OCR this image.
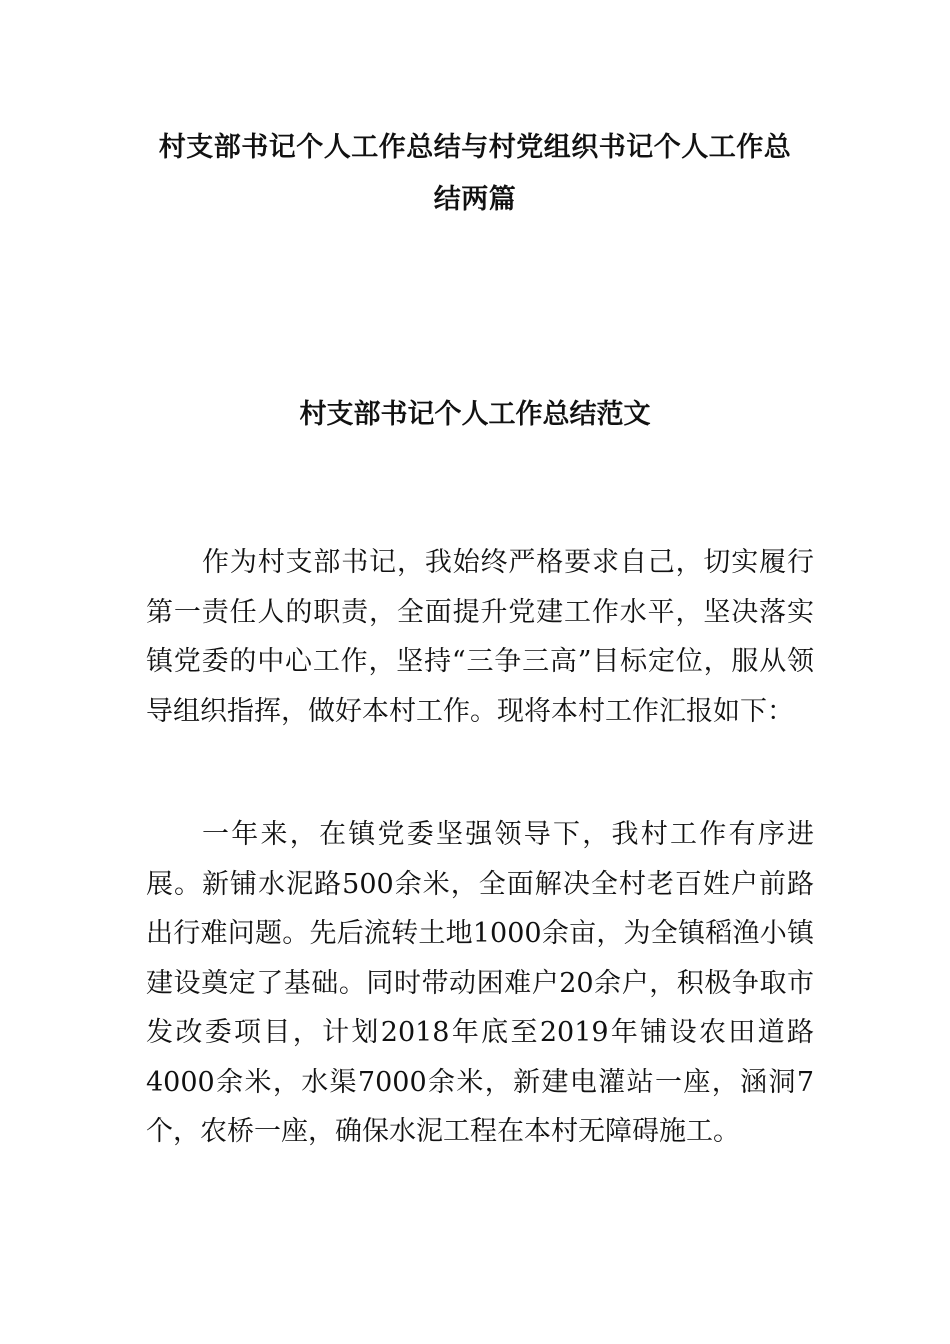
村支部书记个人工作总结与村党组织书记个人工作总
结两篇
村支部书记个人工作总结范文

作为村支部书记，我始终严格要求自己，切实履行第一责任人的职责，全面提升党建工作水平，坚决落实镇党委的中心工作，坚持“三争三高”目标定位，服从领导组织指挥，做好本村工作。现将本村工作汇报如下：

一年来，在镇党委坚强领导下，我村工作有序进展。新铺水泥路500余米，全面解决全村老百姓户前路出行难问题。先后流转土地1000余亩，为全镇稻渔小镇建设奠定了基础。同时带动困难户20余户，积极争取市发改委项目，计划2018年底至2019年铺设农田道路4000余米，水渠7000余米，新建电灌站一座，涵洞7个，农桥一座，确保水泥工程在本村无障碍施工。
